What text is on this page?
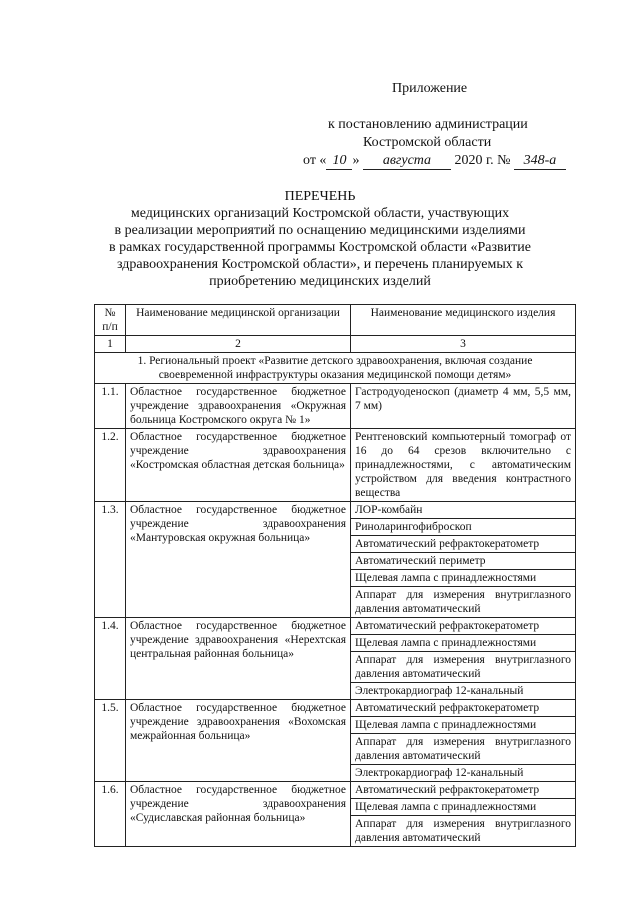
Приложение
к постановлению администрации
Костромской области
от « 10 » августа 2020 г. № 348-а
ПЕРЕЧЕНЬ
медицинских организаций Костромской области, участвующих
в реализации мероприятий по оснащению медицинскими изделиями
в рамках государственной программы Костромской области «Развитие
здравоохранения Костромской области», и перечень планируемых к
приобретению медицинских изделий
№ п/п	Наименование медицинской организации	Наименование медицинского изделия
1	2	3
1. Региональный проект «Развитие детского здравоохранения, включая создание своевременной инфраструктуры оказания медицинской помощи детям»		
1.1.	Областное государственное бюджетное учреждение здравоохранения «Окружная больница Костромского округа № 1»	Гастродуоденоскоп (диаметр 4 мм, 5,5 мм, 7 мм)
1.2.	Областное государственное бюджетное учреждение здравоохранения «Костромская областная детская больница»	Рентгеновский компьютерный томограф от 16 до 64 срезов включительно с принадлежностями, с автоматическим устройством для введения контрастного вещества
1.3.	Областное государственное бюджетное учреждение здравоохранения «Мантуровская окружная больница»	ЛОР-комбайн
		Риноларингофиброскоп
		Автоматический рефрактокератометр
		Автоматический периметр
		Щелевая лампа с принадлежностями
		Аппарат для измерения внутриглазного давления автоматический
1.4.	Областное государственное бюджетное учреждение здравоохранения «Нерехтская центральная районная больница»	Автоматический рефрактокератометр
		Щелевая лампа с принадлежностями
		Аппарат для измерения внутриглазного давления автоматический
		Электрокардиограф 12-канальный
1.5.	Областное государственное бюджетное учреждение здравоохранения «Вохомская межрайонная больница»	Автоматический рефрактокератометр
		Щелевая лампа с принадлежностями
		Аппарат для измерения внутриглазного давления автоматический
		Электрокардиограф 12-канальный
1.6.	Областное государственное бюджетное учреждение здравоохранения «Судиславская районная больница»	Автоматический рефрактокератометр
		Щелевая лампа с принадлежностями
		Аппарат для измерения внутриглазного давления автоматический
